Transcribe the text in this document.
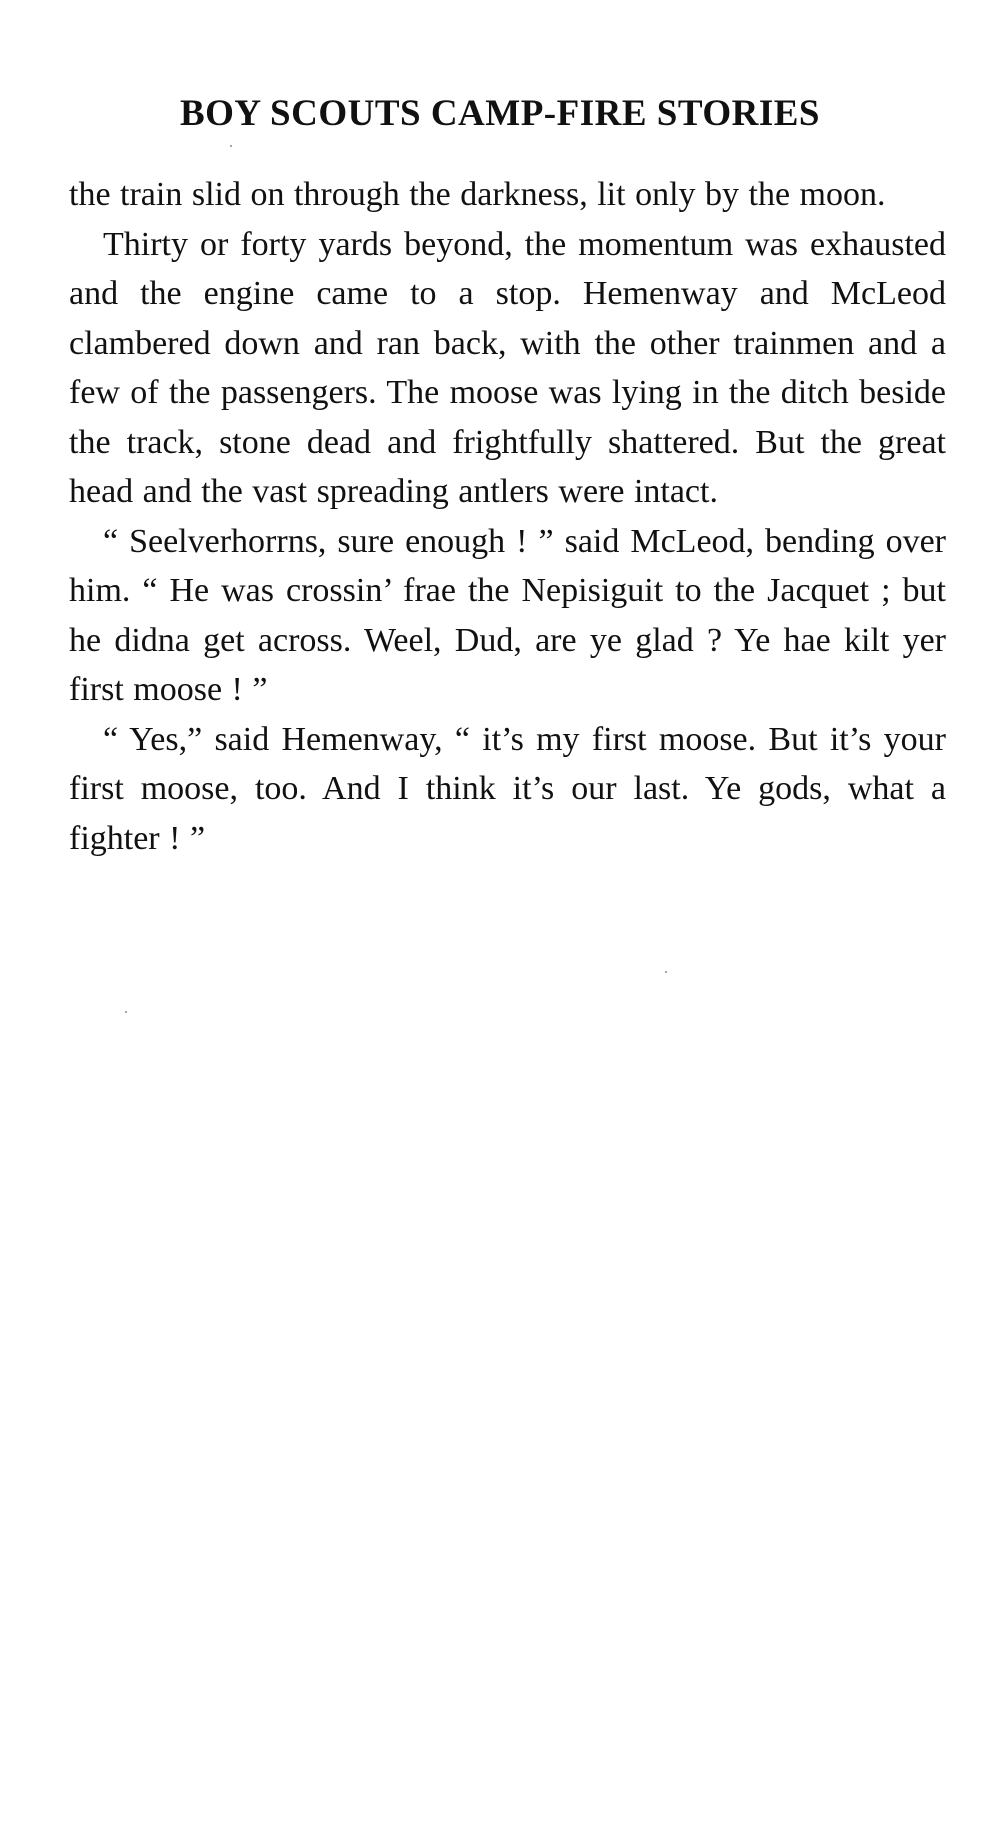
BOY SCOUTS CAMP-FIRE STORIES

the train slid on through the darkness, lit only by the moon.

Thirty or forty yards beyond, the momentum was exhausted and the engine came to a stop. Hemenway and McLeod clambered down and ran back, with the other trainmen and a few of the passengers. The moose was lying in the ditch beside the track, stone dead and frightfully shattered. But the great head and the vast spreading antlers were intact.

“ Seelverhorrns, sure enough ! ” said McLeod, bending over him. “ He was crossin’ frae the Nepisiguit to the Jacquet ; but he didna get across. Weel, Dud, are ye glad ? Ye hae kilt yer first moose ! ”

“ Yes,” said Hemenway, “ it’s my first moose. But it’s your first moose, too. And I think it’s our last. Ye gods, what a fighter ! ”
